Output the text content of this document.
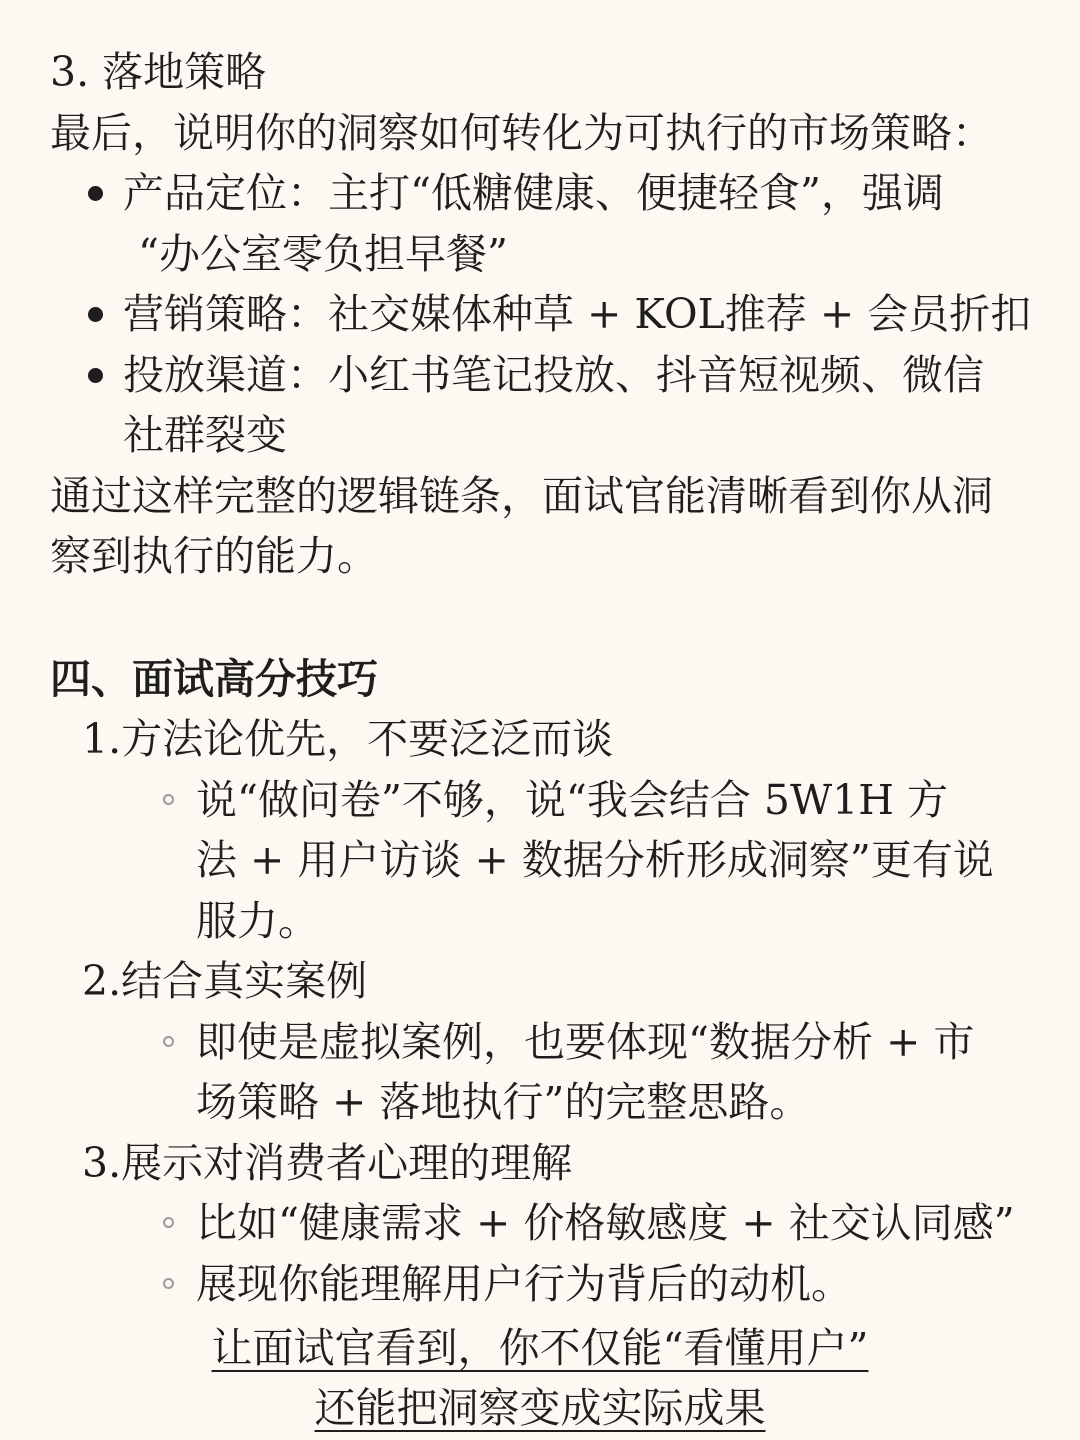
3. 落地策略
最后，说明你的洞察如何转化为可执行的市场策略：
产品定位：主打“低糖健康、便捷轻食”，强调
“办公室零负担早餐”
营销策略：社交媒体种草 + KOL推荐 + 会员折扣
投放渠道：小红书笔记投放、抖音短视频、微信
社群裂变
通过这样完整的逻辑链条，面试官能清晰看到你从洞
察到执行的能力。
四、面试高分技巧
1.方法论优先，不要泛泛而谈
说“做问卷”不够，说“我会结合 5W1H 方
法 + 用户访谈 + 数据分析形成洞察”更有说
服力。
2.结合真实案例
即使是虚拟案例，也要体现“数据分析 + 市
场策略 + 落地执行”的完整思路。
3.展示对消费者心理的理解
比如“健康需求 + 价格敏感度 + 社交认同感”
展现你能理解用户行为背后的动机。
让面试官看到，你不仅能“看懂用户”
还能把洞察变成实际成果
